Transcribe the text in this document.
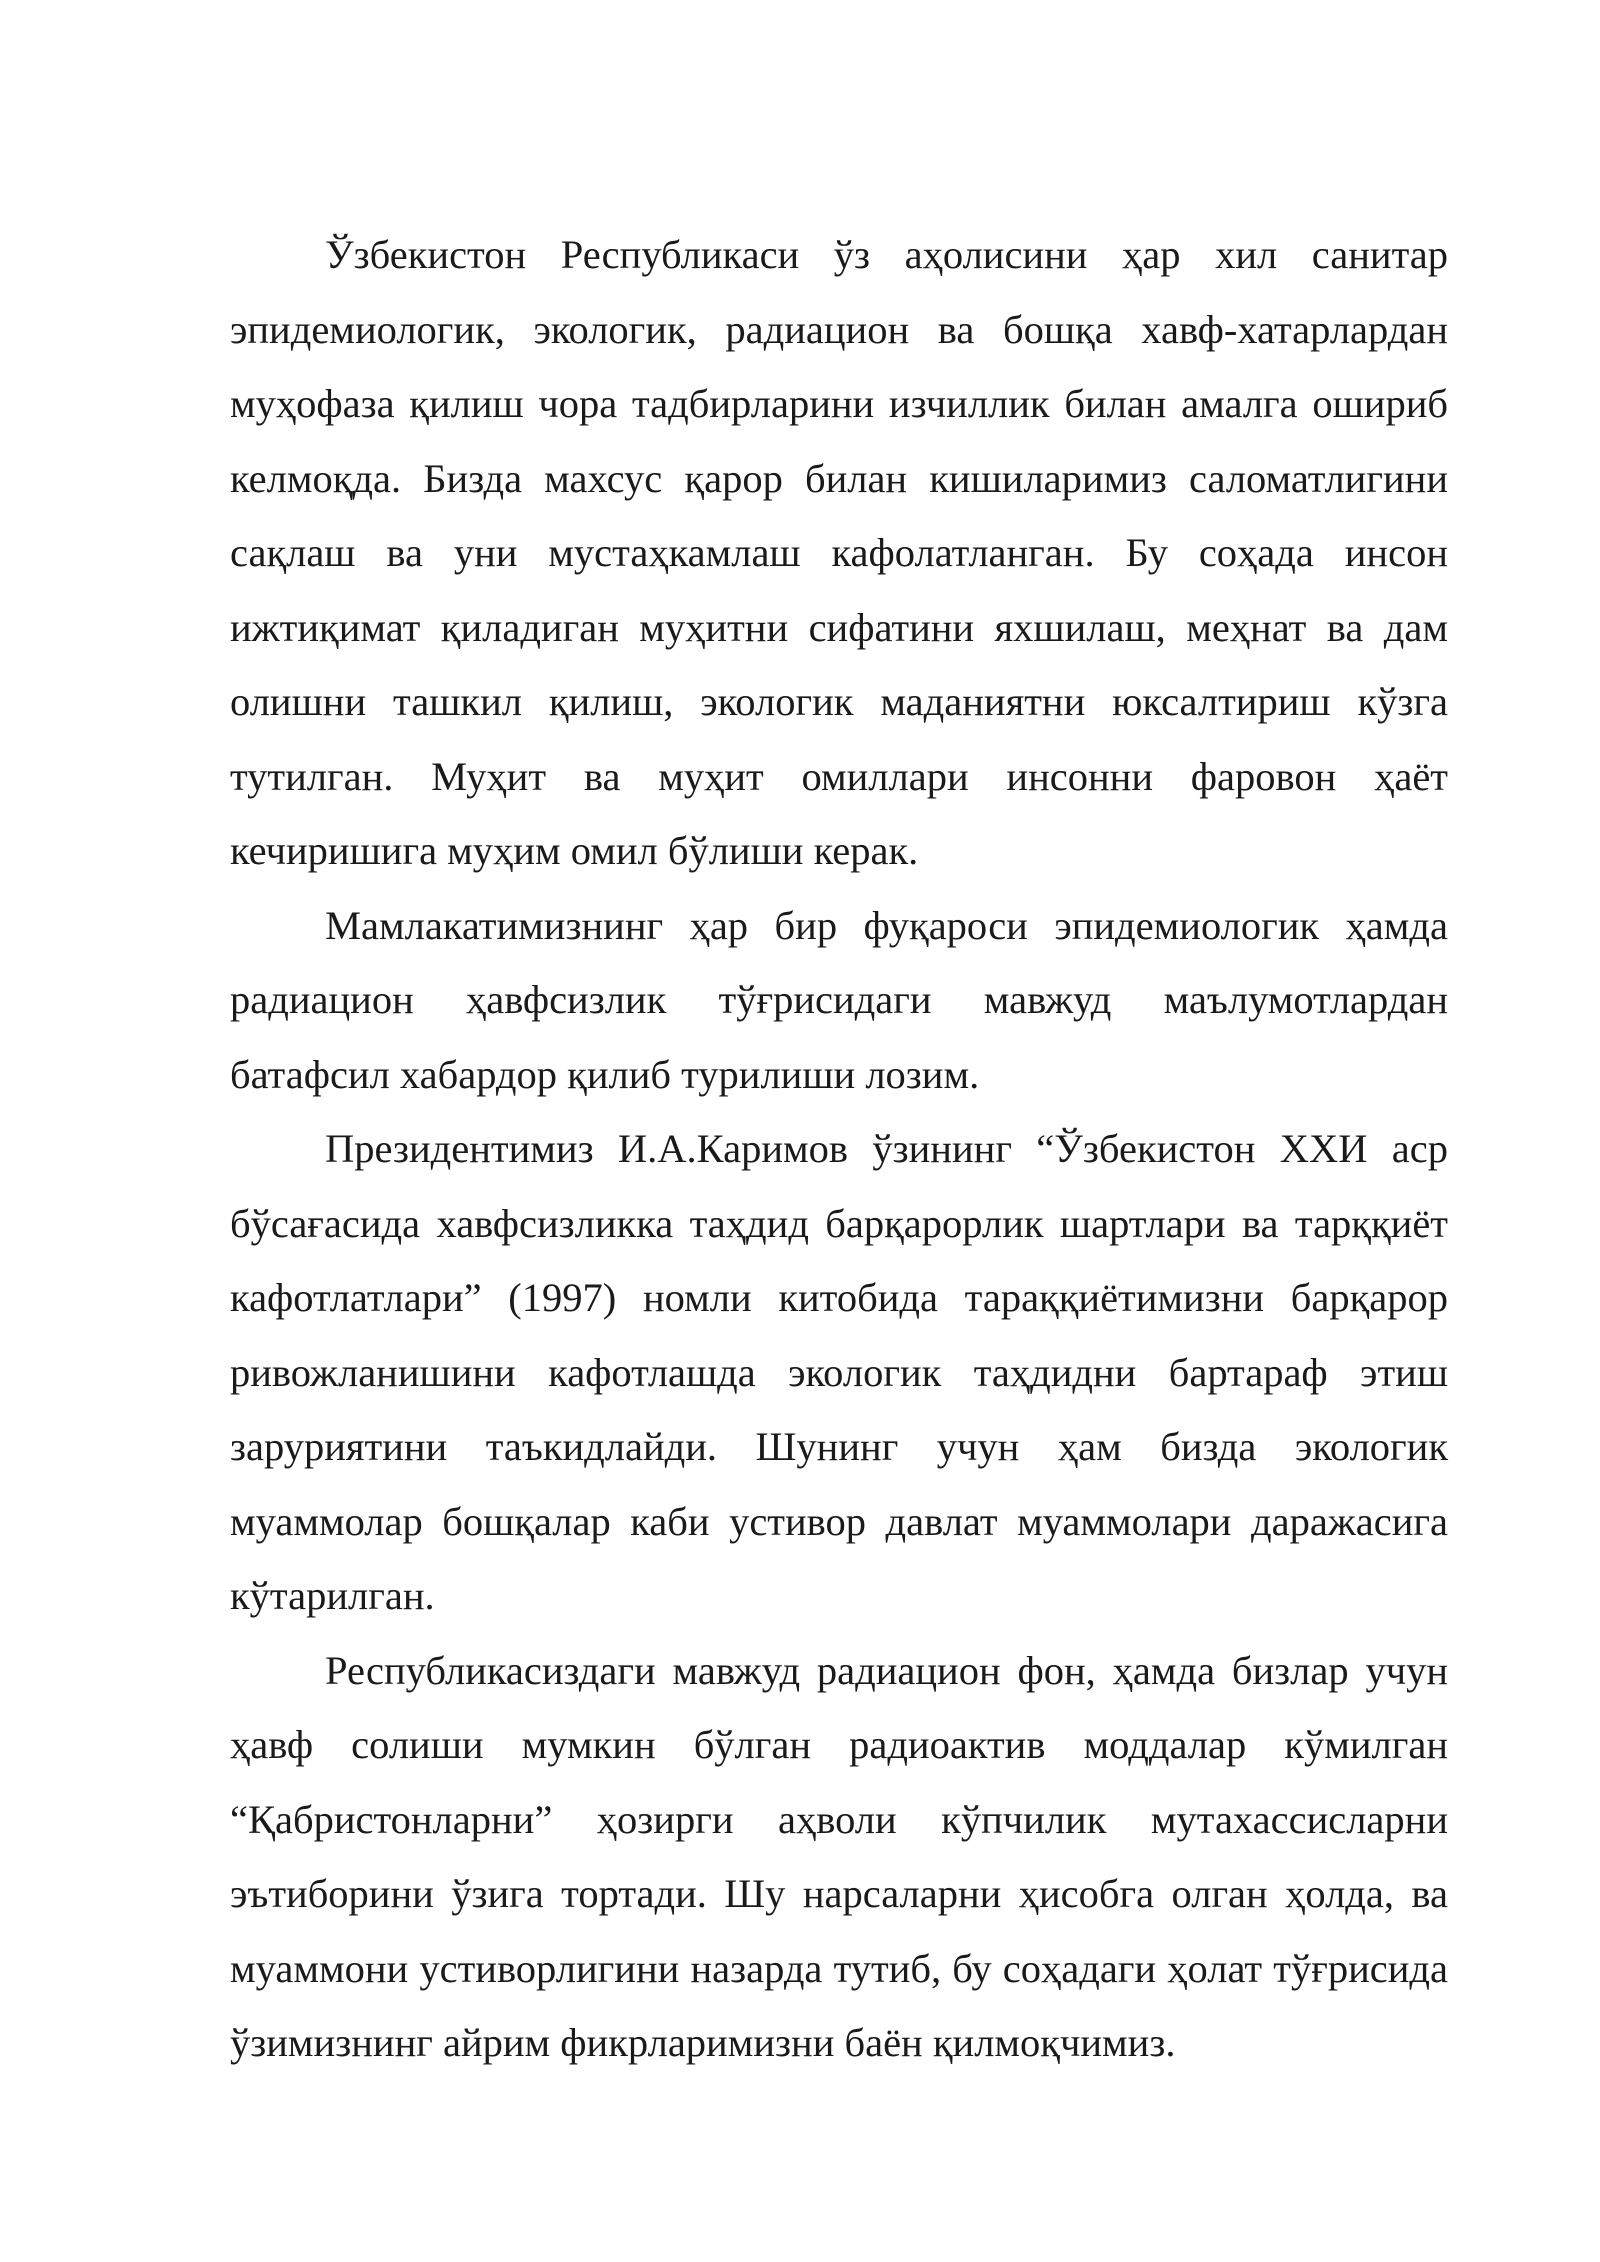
Ўзбекистон Республикаси ўз аҳолисини ҳар хил санитар эпидемиологик, экологик, радиацион ва бошқа хавф-хатарлардан муҳофаза қилиш чора тадбирларини изчиллик билан амалга ошириб келмоқда. Бизда махсус қарор билан кишиларимиз саломатлигини сақлаш ва уни мустаҳкамлаш кафолатланган. Бу соҳада инсон ижтиқимат қиладиган муҳитни сифатини яхшилаш, меҳнат ва дам олишни ташкил қилиш, экологик маданиятни юксалтириш кўзга тутилган. Муҳит ва муҳит омиллари инсонни фаровон ҳаёт кечиришига муҳим омил бўлиши керак.

Мамлакатимизнинг ҳар бир фуқароси эпидемиологик ҳамда радиацион ҳавфсизлик тўғрисидаги мавжуд маълумотлардан батафсил хабардор қилиб турилиши лозим.

Президентимиз И.А.Каримов ўзининг “Ўзбекистон ХХИ аср бўсағасида хавфсизликка таҳдид барқарорлик шартлари ва тарққиёт кафотлатлари” (1997) номли китобида тараққиётимизни барқарор ривожланишини кафотлашда экологик таҳдидни бартараф этиш заруриятини таъкидлайди. Шунинг учун ҳам бизда экологик муаммолар бошқалар каби устивор давлат муаммолари даражасига кўтарилган.

Республикасиздаги мавжуд радиацион фон, ҳамда бизлар учун ҳавф солиши мумкин бўлган радиоактив моддалар кўмилган “Қабристонларни” ҳозирги аҳволи кўпчилик мутахассисларни эътиборини ўзига тортади. Шу нарсаларни ҳисобга олган ҳолда, ва муаммони устиворлигини назарда тутиб, бу соҳадаги ҳолат тўғрисида ўзимизнинг айрим фикрларимизни баён қилмоқчимиз.
